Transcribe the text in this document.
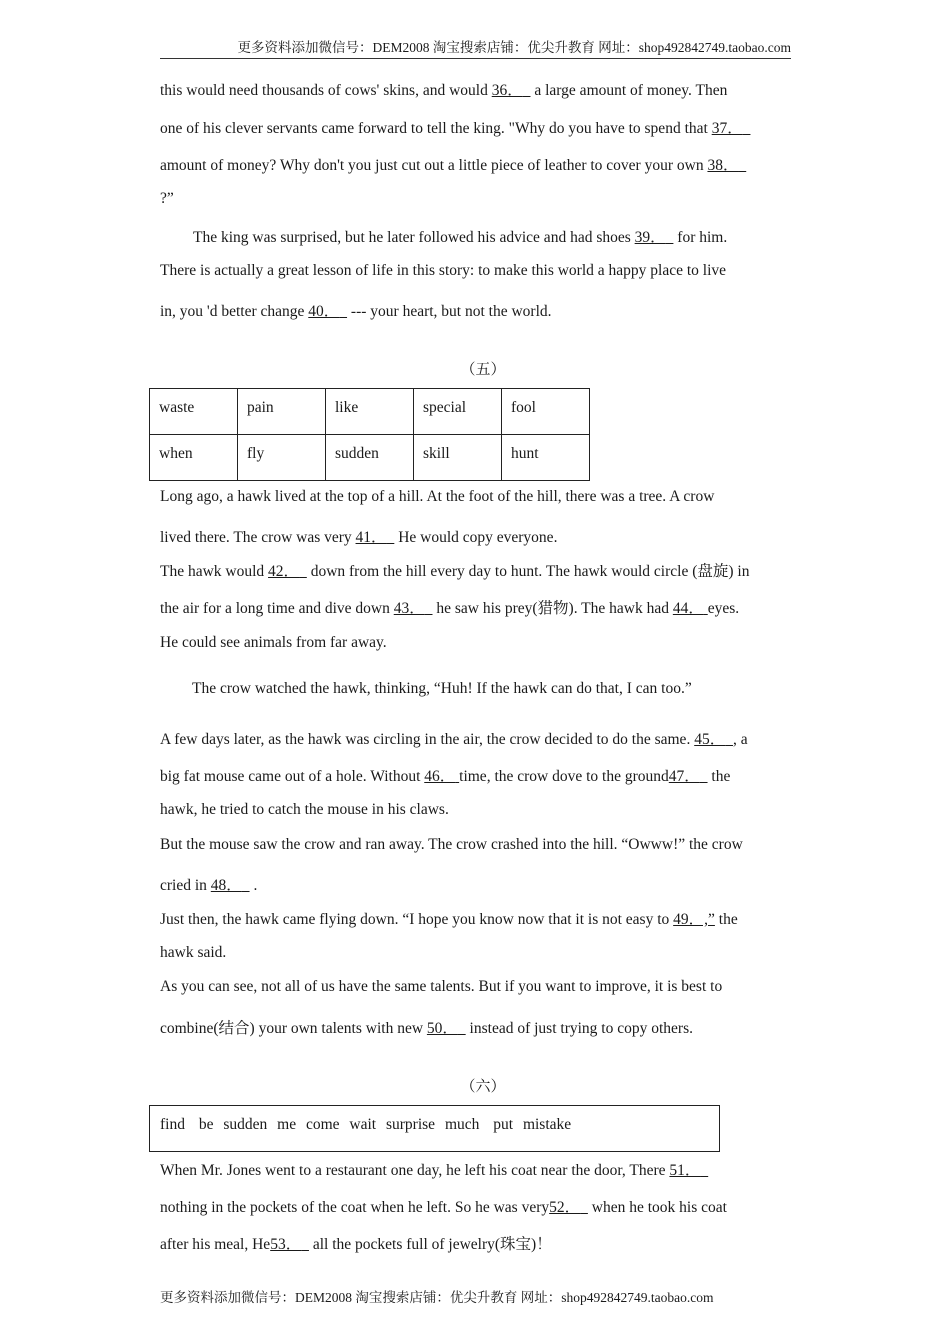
更多资料添加微信号：DEM2008 淘宝搜索店铺：优尖升教育 网址：shop492842749.taobao.com
this would need thousands of cows' skins, and would 36．   a large amount of money. Then
one of his clever servants came forward to tell the king. "Why do you have to spend that 37．
amount of money? Why don't you just cut out a little piece of leather to cover your own 38．
?”
The king was surprised, but he later followed his advice and had shoes 39．   for him.
There is actually a great lesson of life in this story: to make this world a happy place to live
in, you 'd better change 40．   --- your heart, but not the world.
（五）
waste	pain	like	special	fool
when	fly	sudden	skill	hunt
Long ago, a hawk lived at the top of a hill. At the foot of the hill, there was a tree. A crow
lived there. The crow was very 41．   He would copy everyone.
The hawk would 42．   down from the hill every day to hunt. The hawk would circle (盘旋) in
the air for a long time and dive down 43．   he saw his prey(猎物). The hawk had 44． eyes.
He could see animals from far away.
The crow watched the hawk, thinking, “Huh! If the hawk can do that, I can too.”
A few days later, as the hawk was circling in the air, the crow decided to do the same. 45． , a
big fat mouse came out of a hole. Without 46． time, the crow dove to the ground47．   the
hawk, he tried to catch the mouse in his claws.
But the mouse saw the crow and ran away. The crow crashed into the hill. “Owww!” the crow
cried in 48．   .
Just then, the hawk came flying down. “I hope you know now that it is not easy to 49．,” the
hawk said.
As you can see, not all of us have the same talents. But if you want to improve, it is best to
combine(结合) your own talents with new 50．   instead of just trying to copy others.
（六）
find be sudden me come wait surprise much put mistake
When Mr. Jones went to a restaurant one day, he left his coat near the door, There 51．
nothing in the pockets of the coat when he left. So he was very52．   when he took his coat
after his meal, He53．   all the pockets full of jewelry(珠宝)！
更多资料添加微信号：DEM2008 淘宝搜索店铺：优尖升教育 网址：shop492842749.taobao.com
